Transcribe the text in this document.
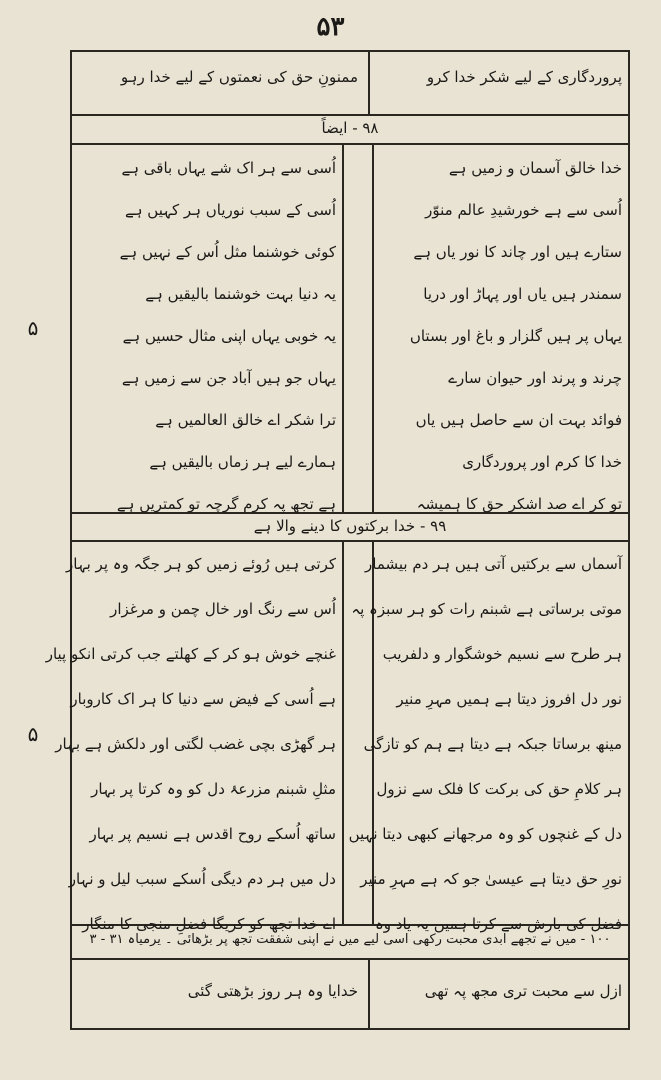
۵۳
پروردگاری کے لیے شکر خدا کرو
ممنونِ حق کی نعمتوں کے لیے خدا رہو
۹۸ - ایضاً
۵
خدا خالق آسمان و زمیں ہے
اُسی سے ہے خورشیدِ عالم منوّر
ستارے ہیں اور چاند کا نور یاں ہے
سمندر ہیں یاں اور پہاڑ اور دریا
یہاں پر ہیں گلزار و باغ اور بستاں
چرند و پرند اور حیوان سارے
فوائد بہت ان سے حاصل ہیں یاں
خدا کا کرم اور پروردگاری
تو کر اے صد اشکر حق کا ہمیشہ
اُسی سے ہر اک شے یہاں باقی ہے
اُسی کے سبب نوریاں ہر کہیں ہے
کوئی خوشنما مثل اُس کے نہیں ہے
یہ دنیا بہت خوشنما بالیقیں ہے
یہ خوبی یہاں اپنی مثال حسیں ہے
یہاں جو ہیں آباد جن سے زمیں ہے
ترا شکر اے خالق العالمیں ہے
ہمارے لیے ہر زماں بالیقیں ہے
ہے تجھ پہ کرم گرچہ تو کمتریں ہے
۹۹ - خدا برکتوں کا دینے والا ہے
۵
آسماں سے برکتیں آتی ہیں ہر دم بیشمار
موتی برساتی ہے شبنم رات کو ہر سبزہ پہ
ہر طرح سے نسیم خوشگوار و دلفریب
نور دل افروز دیتا ہے ہمیں مہرِ منیر
مینھ برساتا جبکہ ہے دیتا ہے ہم کو تازگی
ہر کلامِ حق کی برکت کا فلک سے نزول
دل کے غنچوں کو وہ مرجھانے کبھی دیتا نہیں
نورِ حق دیتا ہے عیسیٰ جو کہ ہے مہرِ منیر
فضل کی بارش سے کرتا ہمیں یہ یاد وہ
کرتی ہیں رُوئے زمیں کو ہر جگہ وہ پر بہار
اُس سے رنگ اور خال چمن و مرغزار
غنچے خوش ہو کر کے کھلتے جب کرتی انکو پیار
ہے اُسی کے فیض سے دنیا کا ہر اک کاروبار
ہر گھڑی بچی غضب لگتی اور دلکش ہے بہار
مثلِ شبنم مزرعۂ دل کو وہ کرتا پر بہار
ساتھ اُسکے روح اقدس ہے نسیم پر بہار
دل میں ہر دم دیگی اُسکے سبب لیل و نہار
اے خدا تجھ کو کریگا فضلِ منجی کا منگار
۱۰۰ - میں نے تجھے ابدی محبت رکھی اسی لیے میں نے اپنی شفقت تجھ پر بڑھائی ۔ یرمیاہ ۳۱ - ۳
ازل سے محبت تری مجھ پہ تھی
خدایا وہ ہر روز بڑھتی گئی
